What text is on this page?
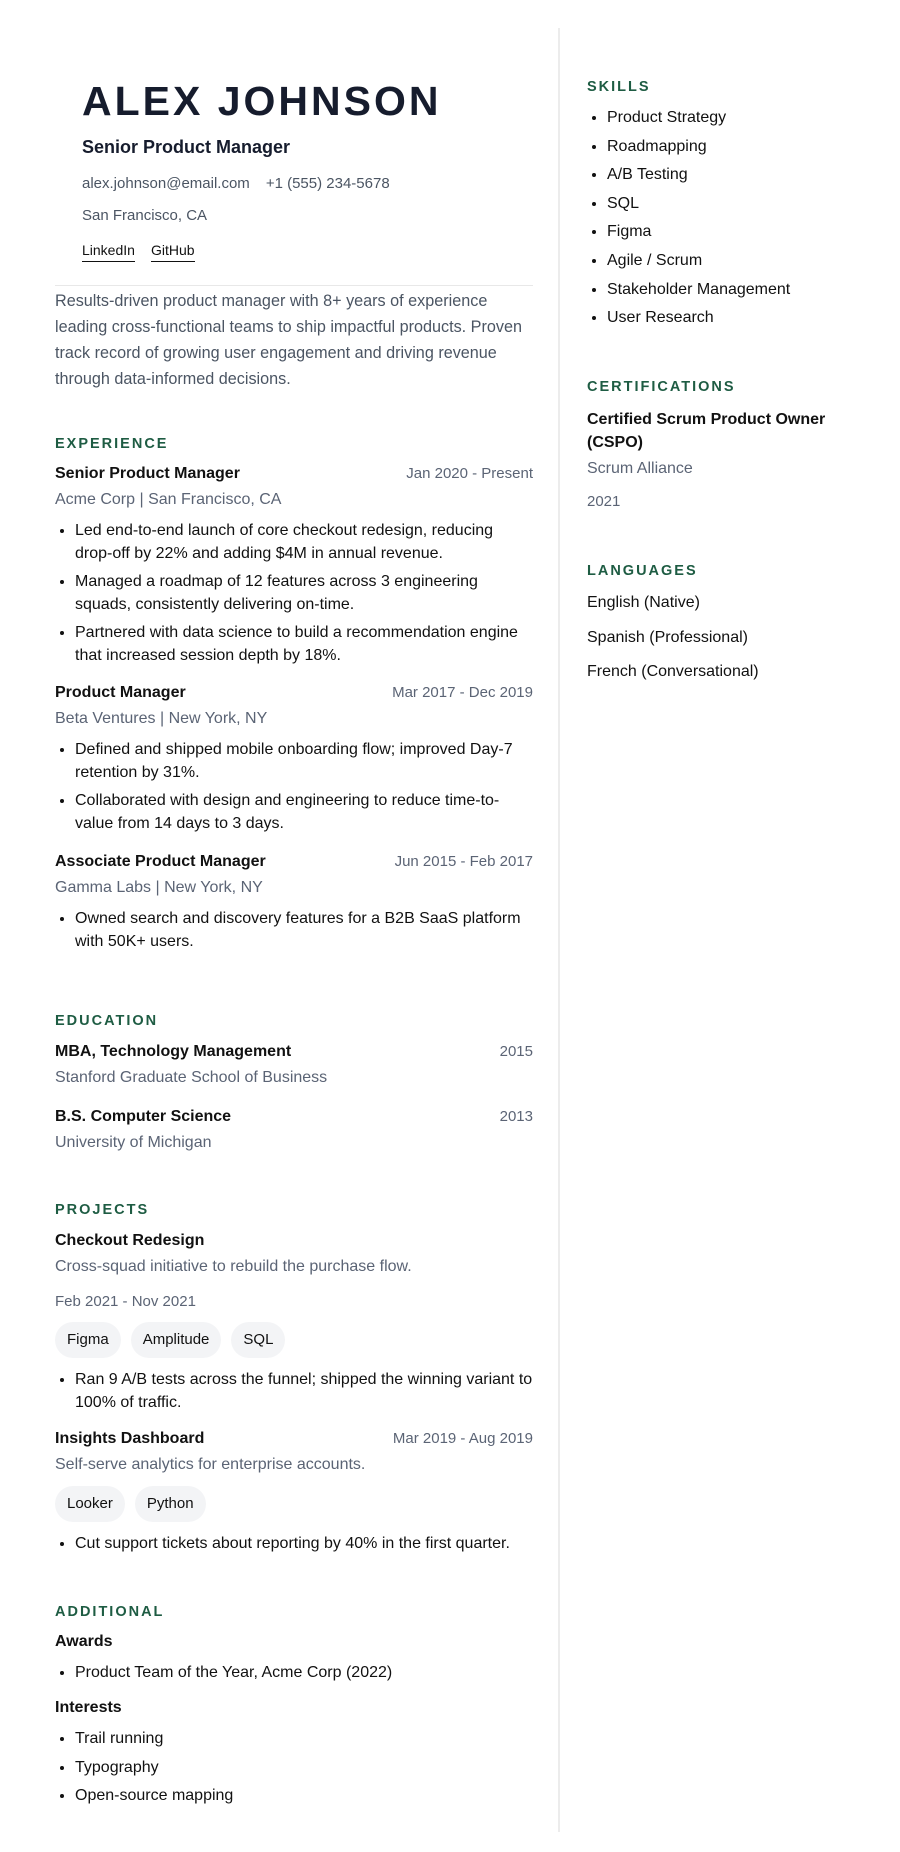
ALEX JOHNSON
Senior Product Manager
alex.johnson@email.com +1 (555) 234-5678
San Francisco, CA
LinkedIn GitHub
Results-driven product manager with 8+ years of experience leading cross-functional teams to ship impactful products. Proven track record of growing user engagement and driving revenue through data-informed decisions.
EXPERIENCE
Senior Product Manager	Jan 2020 - Present
Acme Corp | San Francisco, CA
• Led end-to-end launch of core checkout redesign, reducing drop-off by 22% and adding $4M in annual revenue.
• Managed a roadmap of 12 features across 3 engineering squads, consistently delivering on-time.
• Partnered with data science to build a recommendation engine that increased session depth by 18%.
Product Manager	Mar 2017 - Dec 2019
Beta Ventures | New York, NY
• Defined and shipped mobile onboarding flow; improved Day-7 retention by 31%.
• Collaborated with design and engineering to reduce time-to-value from 14 days to 3 days.
Associate Product Manager	Jun 2015 - Feb 2017
Gamma Labs | New York, NY
• Owned search and discovery features for a B2B SaaS platform with 50K+ users.
EDUCATION
MBA, Technology Management	2015
Stanford Graduate School of Business
B.S. Computer Science	2013
University of Michigan
PROJECTS
Checkout Redesign
Cross-squad initiative to rebuild the purchase flow.
Feb 2021 - Nov 2021
Figma	Amplitude	SQL
• Ran 9 A/B tests across the funnel; shipped the winning variant to 100% of traffic.
Insights Dashboard	Mar 2019 - Aug 2019
Self-serve analytics for enterprise accounts.
Looker	Python
• Cut support tickets about reporting by 40% in the first quarter.
ADDITIONAL
Awards
• Product Team of the Year, Acme Corp (2022)
Interests
• Trail running
• Typography
• Open-source mapping
SKILLS
• Product Strategy
• Roadmapping
• A/B Testing
• SQL
• Figma
• Agile / Scrum
• Stakeholder Management
• User Research
CERTIFICATIONS
Certified Scrum Product Owner (CSPO)
Scrum Alliance
2021
LANGUAGES
English (Native)
Spanish (Professional)
French (Conversational)
